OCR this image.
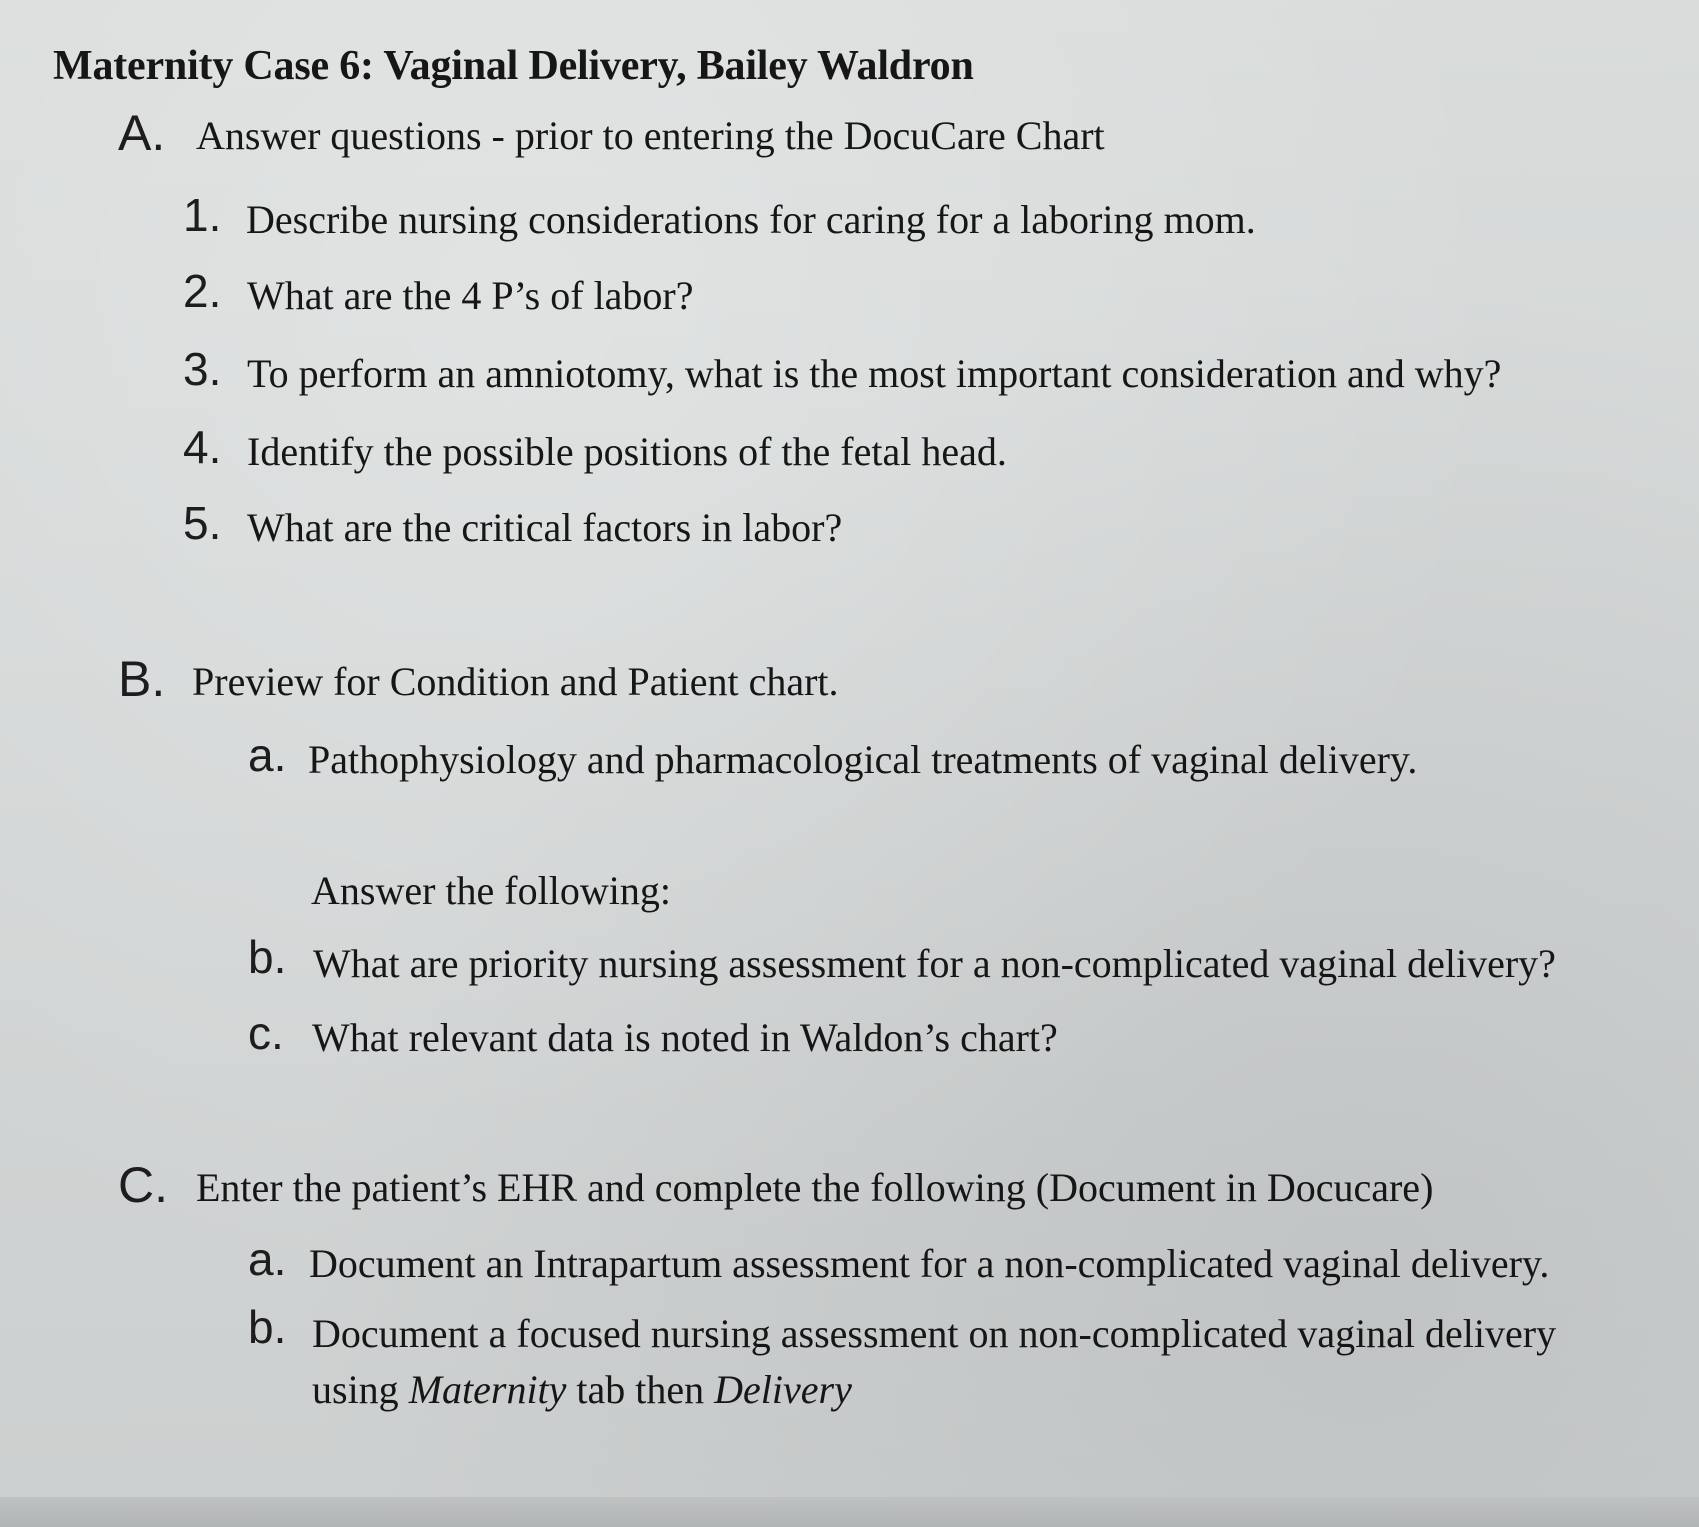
Maternity Case 6: Vaginal Delivery, Bailey Waldron
A. Answer questions - prior to entering the DocuCare Chart
1. Describe nursing considerations for caring for a laboring mom.
2. What are the 4 P’s of labor?
3. To perform an amniotomy, what is the most important consideration and why?
4. Identify the possible positions of the fetal head.
5. What are the critical factors in labor?
B. Preview for Condition and Patient chart.
a. Pathophysiology and pharmacological treatments of vaginal delivery.
Answer the following:
b. What are priority nursing assessment for a non-complicated vaginal delivery?
c. What relevant data is noted in Waldon’s chart?
C. Enter the patient’s EHR and complete the following (Document in Docucare)
a. Document an Intrapartum assessment for a non-complicated vaginal delivery.
b. Document a focused nursing assessment on non-complicated vaginal delivery
using Maternity tab then Delivery
